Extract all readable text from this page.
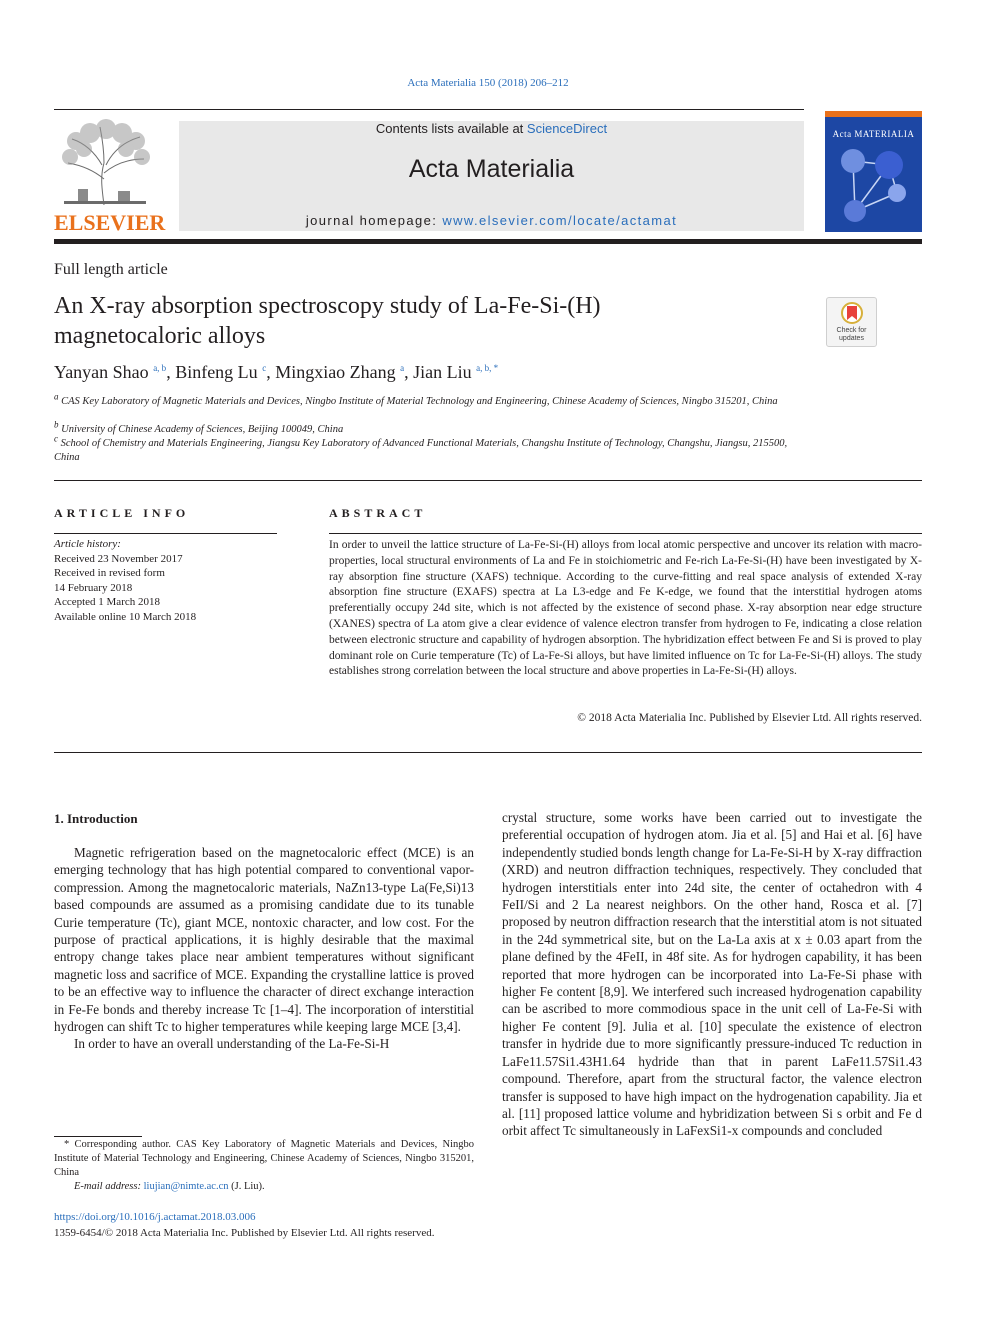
Acta Materialia 150 (2018) 206–212
ELSEVIER
Contents lists available at ScienceDirect
Acta Materialia
journal homepage: www.elsevier.com/locate/actamat
Acta MATERIALIA
Full length article
An X-ray absorption spectroscopy study of La-Fe-Si-(H) magnetocaloric alloys	Check for updates
Yanyan Shao $^{a, b}$, Binfeng Lu $^c$, Mingxiao Zhang $^a$, Jian Liu $^{a, b, *}$
$^a$ CAS Key Laboratory of Magnetic Materials and Devices, Ningbo Institute of Material Technology and Engineering, Chinese Academy of Sciences, Ningbo 315201, China
$^b$ University of Chinese Academy of Sciences, Beijing 100049, China
$^c$ School of Chemistry and Materials Engineering, Jiangsu Key Laboratory of Advanced Functional Materials, Changshu Institute of Technology, Changshu, Jiangsu, 215500, China
ARTICLE INFO
Article history:
Received 23 November 2017
Received in revised form
14 February 2018
Accepted 1 March 2018
Available online 10 March 2018
ABSTRACT
In order to unveil the lattice structure of La-Fe-Si-(H) alloys from local atomic perspective and uncover its relation with macro-properties, local structural environments of La and Fe in stoichiometric and Fe-rich La-Fe-Si-(H) have been investigated by X-ray absorption fine structure (XAFS) technique. According to the curve-fitting and real space analysis of extended X-ray absorption fine structure (EXAFS) spectra at La L3-edge and Fe K-edge, we found that the interstitial hydrogen atoms preferentially occupy 24d site, which is not affected by the existence of second phase. X-ray absorption near edge structure (XANES) spectra of La atom give a clear evidence of valence electron transfer from hydrogen to Fe, indicating a close relation between electronic structure and capability of hydrogen absorption. The hybridization effect between Fe and Si is proved to play dominant role on Curie temperature (Tc) of La-Fe-Si alloys, but have limited influence on Tc for La-Fe-Si-(H) alloys. The study establishes strong correlation between the local structure and above properties in La-Fe-Si-(H) alloys.
© 2018 Acta Materialia Inc. Published by Elsevier Ltd. All rights reserved.
1. Introduction

Magnetic refrigeration based on the magnetocaloric effect (MCE) is an emerging technology that has high potential compared to conventional vapor-compression. Among the magnetocaloric materials, NaZn13-type La(Fe,Si)13 based compounds are assumed as a promising candidate due to its tunable Curie temperature (Tc), giant MCE, nontoxic character, and low cost. For the purpose of practical applications, it is highly desirable that the maximal entropy change takes place near ambient temperatures without significant magnetic loss and sacrifice of MCE. Expanding the crystalline lattice is proved to be an effective way to influence the character of direct exchange interaction in Fe-Fe bonds and thereby increase Tc [1–4]. The incorporation of interstitial hydrogen can shift Tc to higher temperatures while keeping large MCE [3,4].

In order to have an overall understanding of the La-Fe-Si-H

crystal structure, some works have been carried out to investigate the preferential occupation of hydrogen atom. Jia et al. [5] and Hai et al. [6] have independently studied bonds length change for La-Fe-Si-H by X-ray diffraction (XRD) and neutron diffraction techniques, respectively. They concluded that hydrogen interstitials enter into 24d site, the center of octahedron with 4 FeII/Si and 2 La nearest neighbors. On the other hand, Rosca et al. [7] proposed by neutron diffraction research that the interstitial atom is not situated in the 24d symmetrical site, but on the La-La axis at x ± 0.03 apart from the plane defined by the 4FeII, in 48f site. As for hydrogen capability, it has been reported that more hydrogen can be incorporated into La-Fe-Si phase with higher Fe content [8,9]. We interfered such increased hydrogenation capability can be ascribed to more commodious space in the unit cell of La-Fe-Si with higher Fe content [9]. Julia et al. [10] speculate the existence of electron transfer in hydride due to more significantly pressure-induced Tc reduction in LaFe11.57Si1.43H1.64 hydride than that in parent LaFe11.57Si1.43 compound. Therefore, apart from the structural factor, the valence electron transfer is supposed to have high impact on the hydrogenation capability. Jia et al. [11] proposed lattice volume and hybridization between Si s orbit and Fe d orbit affect Tc simultaneously in LaFexSi1-x compounds and concluded

* Corresponding author. CAS Key Laboratory of Magnetic Materials and Devices, Ningbo Institute of Material Technology and Engineering, Chinese Academy of Sciences, Ningbo 315201, China
E-mail address: liujian@nimte.ac.cn (J. Liu).
https://doi.org/10.1016/j.actamat.2018.03.006
1359-6454/© 2018 Acta Materialia Inc. Published by Elsevier Ltd. All rights reserved.
